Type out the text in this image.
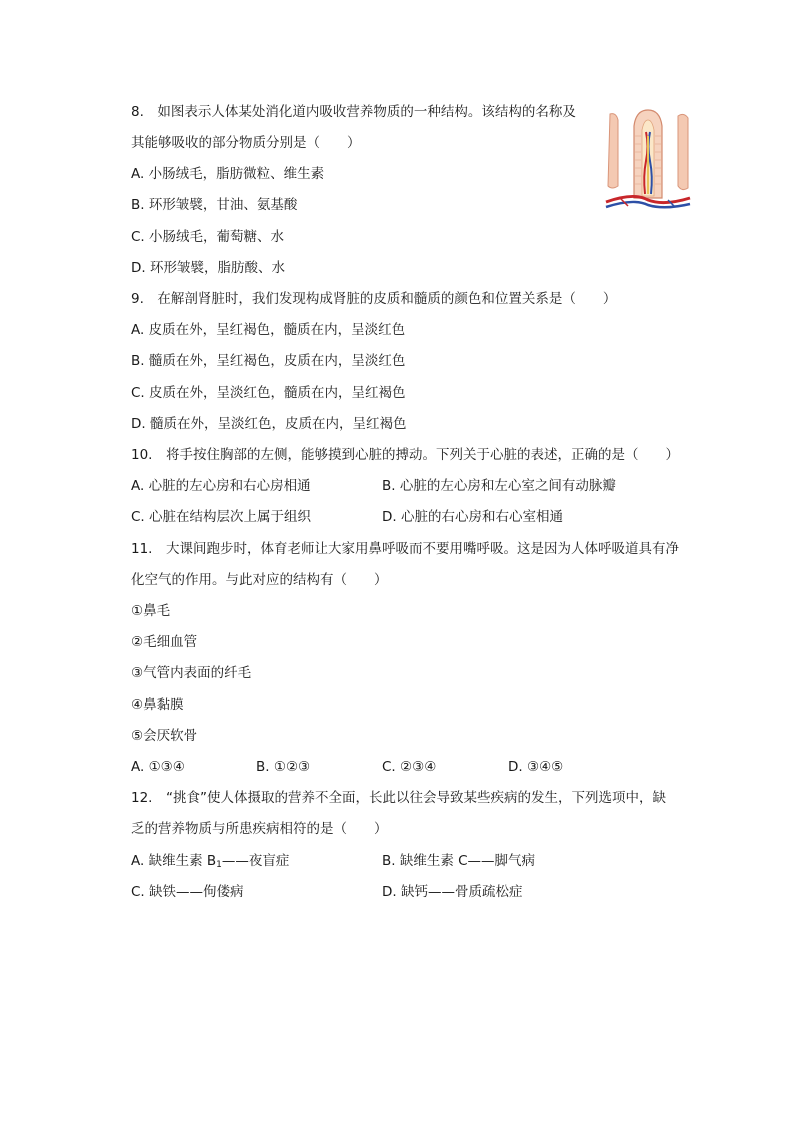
8.　如图表示人体某处消化道内吸收营养物质的一种结构。该结构的名称及
其能够吸收的部分物质分别是（　　）
A. 小肠绒毛，脂肪微粒、维生素
B. 环形皱襞，甘油、氨基酸
C. 小肠绒毛，葡萄糖、水
D. 环形皱襞，脂肪酸、水
9.　在解剖肾脏时，我们发现构成肾脏的皮质和髓质的颜色和位置关系是（　　）
A. 皮质在外，呈红褐色，髓质在内，呈淡红色
B. 髓质在外，呈红褐色，皮质在内，呈淡红色
C. 皮质在外，呈淡红色，髓质在内，呈红褐色
D. 髓质在外，呈淡红色，皮质在内，呈红褐色
10.　将手按住胸部的左侧，能够摸到心脏的搏动。下列关于心脏的表述，正确的是（　　）
A. 心脏的左心房和右心房相通	B. 心脏的左心房和左心室之间有动脉瓣
C. 心脏在结构层次上属于组织	D. 心脏的右心房和右心室相通
11.　大课间跑步时，体育老师让大家用鼻呼吸而不要用嘴呼吸。这是因为人体呼吸道具有净
化空气的作用。与此对应的结构有（　　）
①鼻毛
②毛细血管
③气管内表面的纤毛
④鼻黏膜
⑤会厌软骨
A. ①③④	B. ①②③	C. ②③④	D. ③④⑤
12.　“挑食”使人体摄取的营养不全面，长此以往会导致某些疾病的发生，下列选项中，缺
乏的营养物质与所患疾病相符的是（　　）
A. 缺维生素 $B_1——$夜盲症	B. 缺维生素 C——脚气病
C. 缺铁——佝偻病	D. 缺钙——骨质疏松症
